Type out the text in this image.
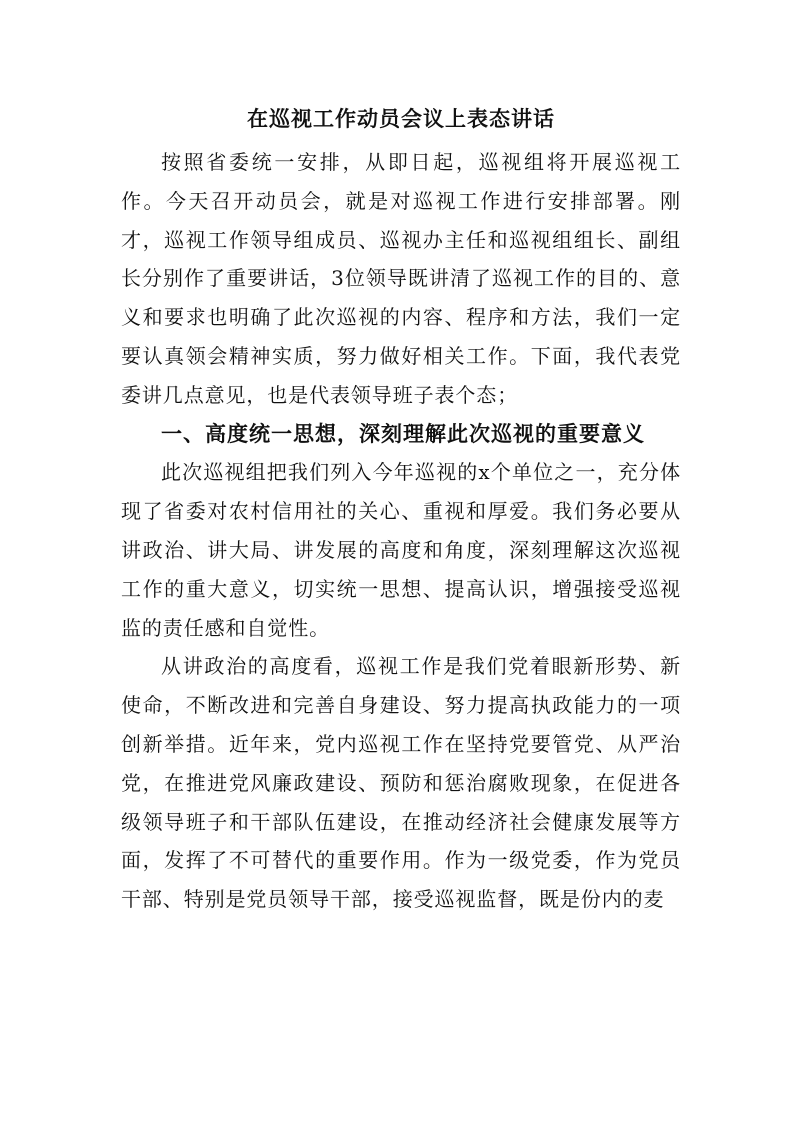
在巡视工作动员会议上表态讲话

按照省委统一安排，从即日起，巡视组将开展巡视工作。今天召开动员会，就是对巡视工作进行安排部署。刚才，巡视工作领导组成员、巡视办主任和巡视组组长、副组长分别作了重要讲话，3位领导既讲清了巡视工作的目的、意义和要求也明确了此次巡视的内容、程序和方法，我们一定要认真领会精神实质，努力做好相关工作。下面，我代表党委讲几点意见，也是代表领导班子表个态；

一、高度统一思想，深刻理解此次巡视的重要意义

此次巡视组把我们列入今年巡视的x个单位之一，充分体现了省委对农村信用社的关心、重视和厚爱。我们务必要从讲政治、讲大局、讲发展的高度和角度，深刻理解这次巡视工作的重大意义，切实统一思想、提高认识，增强接受巡视监的责任感和自觉性。

从讲政治的高度看，巡视工作是我们党着眼新形势、新使命，不断改进和完善自身建设、努力提高执政能力的一项创新举措。近年来，党内巡视工作在坚持党要管党、从严治党，在推进党风廉政建设、预防和惩治腐败现象，在促进各级领导班子和干部队伍建设，在推动经济社会健康发展等方面，发挥了不可替代的重要作用。作为一级党委，作为党员干部、特别是党员领导干部，接受巡视监督，既是份内的麦
